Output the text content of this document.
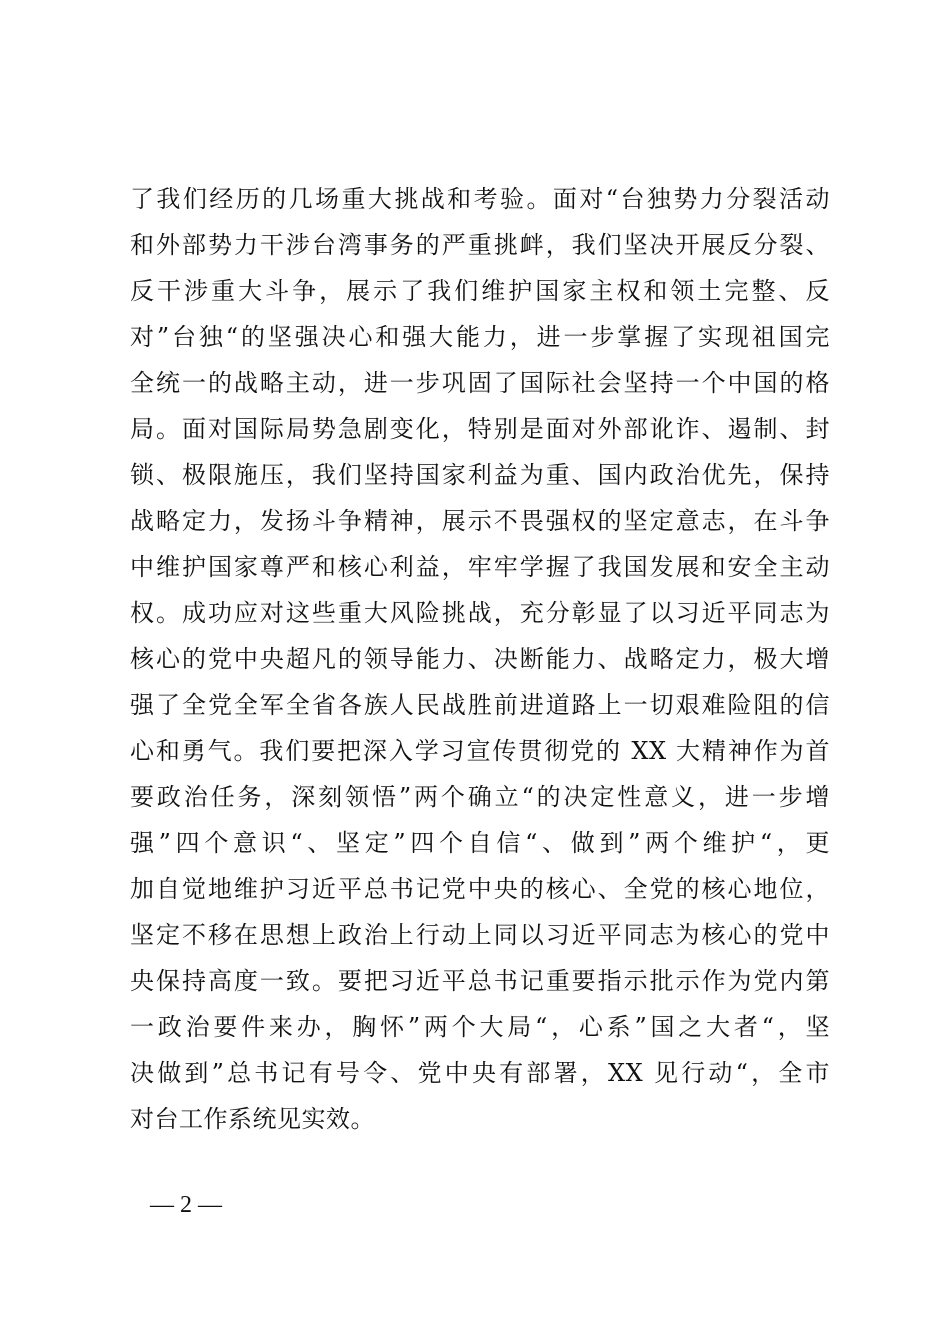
了我们经历的几场重大挑战和考验。面对“台独势力分裂活动
和外部势力干涉台湾事务的严重挑衅，我们坚决开展反分裂、
反干涉重大斗争，展示了我们维护国家主权和领土完整、反
对”台独“的坚强决心和强大能力，进一步掌握了实现祖国完
全统一的战略主动，进一步巩固了国际社会坚持一个中国的格
局。面对国际局势急剧变化，特别是面对外部讹诈、遏制、封
锁、极限施压，我们坚持国家利益为重、国内政治优先，保持
战略定力，发扬斗争精神，展示不畏强权的坚定意志，在斗争
中维护国家尊严和核心利益，牢牢学握了我国发展和安全主动
权。成功应对这些重大风险挑战，充分彰显了以习近平同志为
核心的党中央超凡的领导能力、决断能力、战略定力，极大增
强了全党全军全省各族人民战胜前进道路上一切艰难险阻的信
心和勇气。我们要把深入学习宣传贯彻党的 XX 大精神作为首
要政治任务，深刻领悟”两个确立“的决定性意义，进一步增
强”四个意识“、坚定”四个自信“、做到”两个维护“，更
加自觉地维护习近平总书记党中央的核心、全党的核心地位，
坚定不移在思想上政治上行动上同以习近平同志为核心的党中
央保持高度一致。要把习近平总书记重要指示批示作为党内第
一政治要件来办，胸怀”两个大局“，心系”国之大者“，坚
决做到”总书记有号令、党中央有部署，XX 见行动“，全市
对台工作系统见实效。
— 2 —
